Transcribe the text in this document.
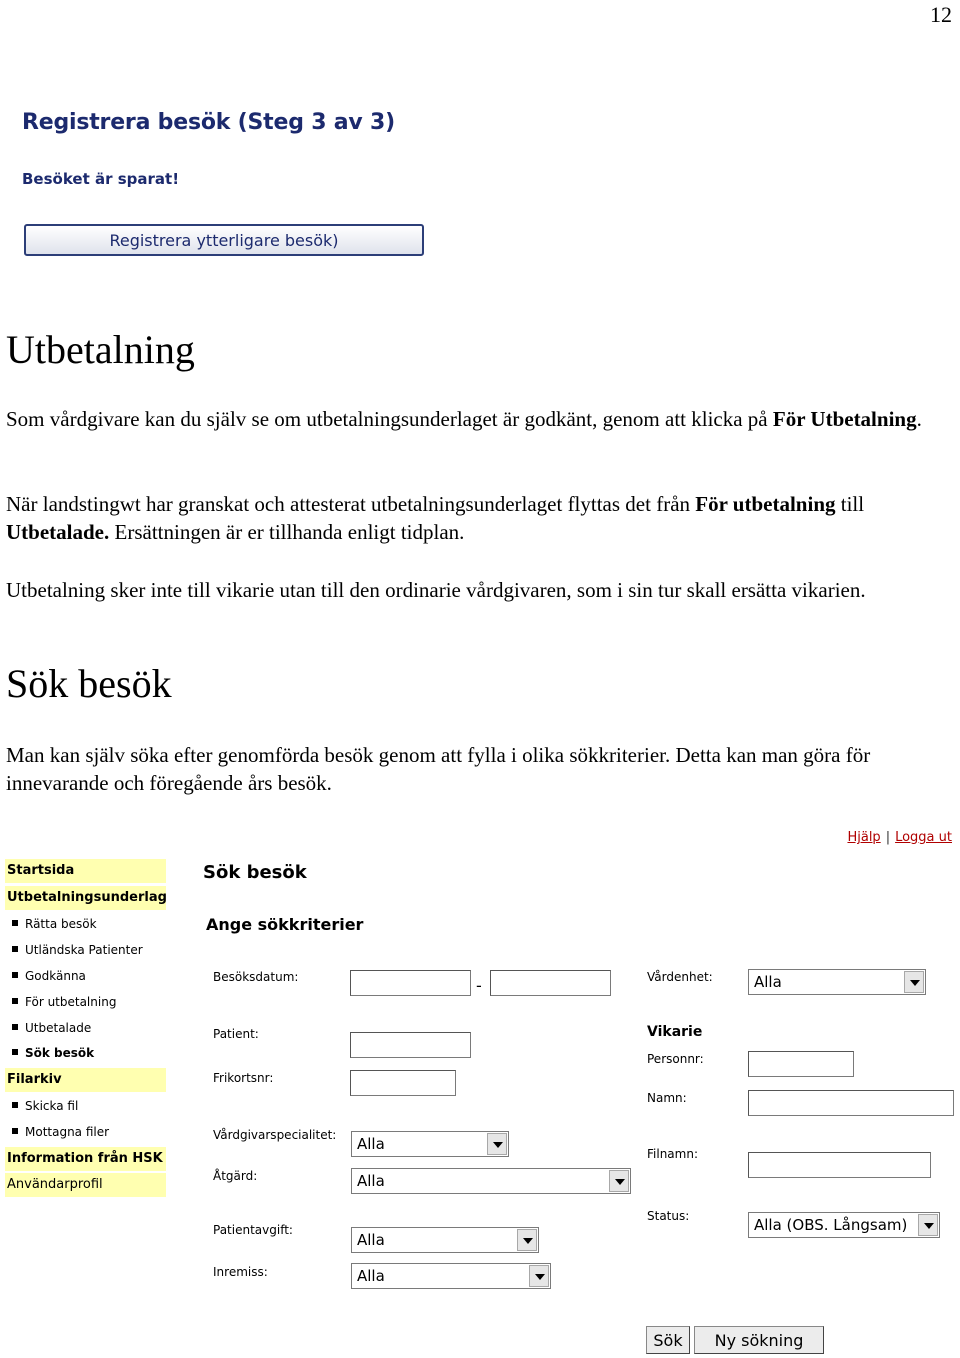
12
Registrera besök (Steg 3 av 3)
Besöket är sparat!
Registrera ytterligare besök)
Utbetalning
Som vårdgivare kan du själv se om utbetalningsunderlaget är godkänt, genom att klicka på För Utbetalning.
När landstingwt har granskat och attesterat utbetalningsunderlaget flyttas det från För utbetalning till Utbetalade. Ersättningen är er tillhanda enligt tidplan.
Utbetalning sker inte till vikarie utan till den ordinarie vårdgivaren, som i sin tur skall ersätta vikarien.
Sök besök
Man kan själv söka efter genomförda besök genom att fylla i olika sökkriterier. Detta kan man göra för innevarande och föregående års besök.
Hjälp | Logga ut
Startsida
Utbetalningsunderlag
Rätta besök
Utländska Patienter
Godkänna
För utbetalning
Utbetalade
Sök besök
Filarkiv
Skicka fil
Mottagna filer
Information från HSK
Användarprofil
Sök besök
Ange sökkriterier
Besöksdatum:	-
Patient:
Frikortsnr:
Vårdgivarspecialitet:	Alla
Åtgärd:	Alla
Patientavgift:
Alla
Inremiss:	Alla
Vårdenhet:	Alla
Vikarie
Personnr:
Namn:
Filnamn:
Status:	Alla (OBS. Långsam)
Sök	Ny sökning
